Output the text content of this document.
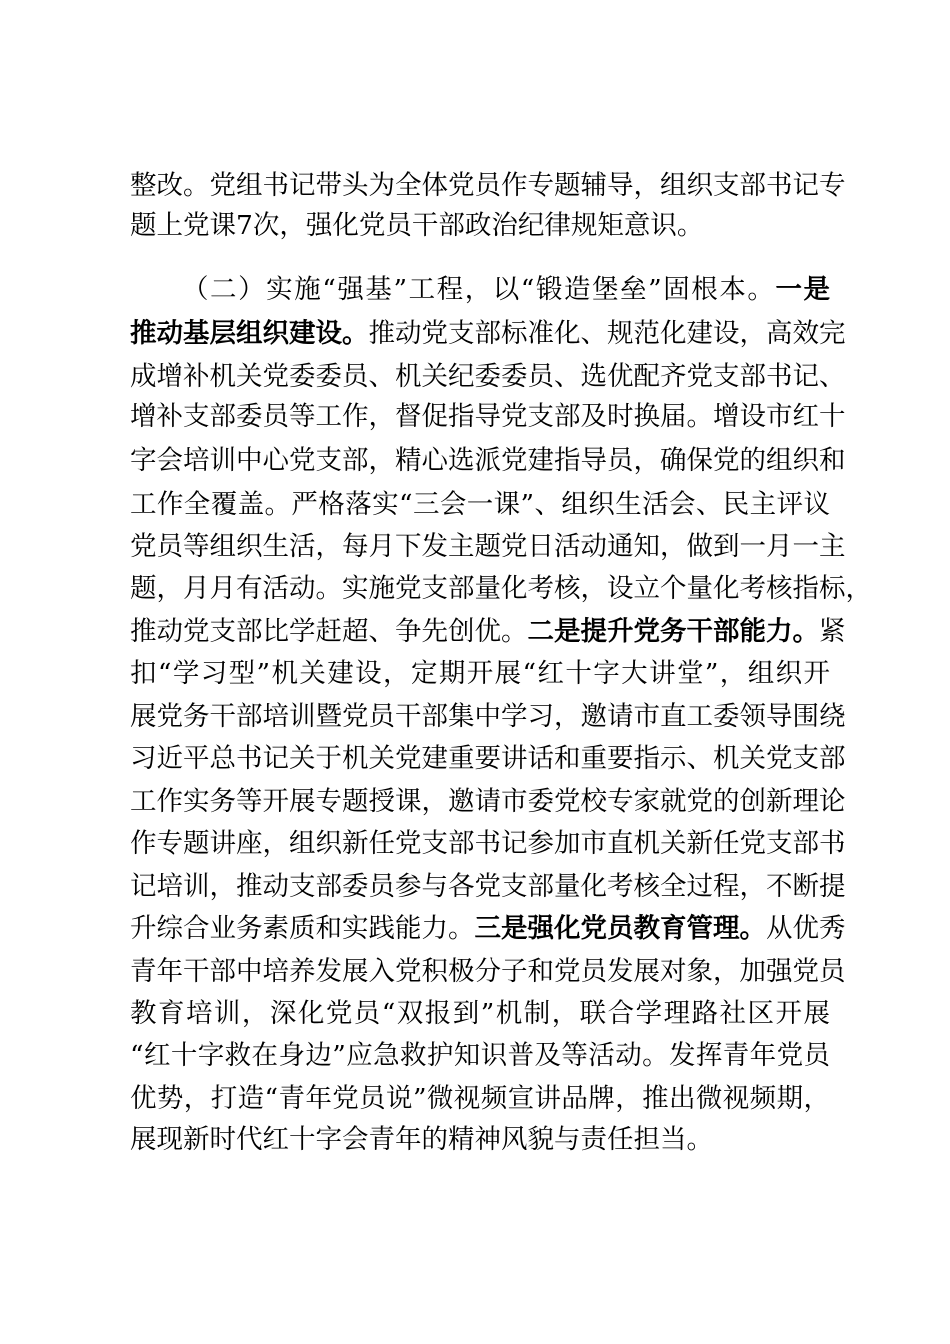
整改。党组书记带头为全体党员作专题辅导，组织支部书记专
题上党课7次，强化党员干部政治纪律规矩意识。
（二）实施“强基”工程，以“锻造堡垒”固根本。一是
推动基层组织建设。推动党支部标准化、规范化建设，高效完
成增补机关党委委员、机关纪委委员、选优配齐党支部书记、
增补支部委员等工作，督促指导党支部及时换届。增设市红十
字会培训中心党支部，精心选派党建指导员，确保党的组织和
工作全覆盖。严格落实“三会一课”、组织生活会、民主评议
党员等组织生活，每月下发主题党日活动通知，做到一月一主
题，月月有活动。实施党支部量化考核，设立个量化考核指标，
推动党支部比学赶超、争先创优。二是提升党务干部能力。紧
扣“学习型”机关建设，定期开展“红十字大讲堂”，组织开
展党务干部培训暨党员干部集中学习，邀请市直工委领导围绕
习近平总书记关于机关党建重要讲话和重要指示、机关党支部
工作实务等开展专题授课，邀请市委党校专家就党的创新理论
作专题讲座，组织新任党支部书记参加市直机关新任党支部书
记培训，推动支部委员参与各党支部量化考核全过程，不断提
升综合业务素质和实践能力。三是强化党员教育管理。从优秀
青年干部中培养发展入党积极分子和党员发展对象，加强党员
教育培训，深化党员“双报到”机制，联合学理路社区开展
“红十字救在身边”应急救护知识普及等活动。发挥青年党员
优势，打造“青年党员说”微视频宣讲品牌，推出微视频期，
展现新时代红十字会青年的精神风貌与责任担当。
